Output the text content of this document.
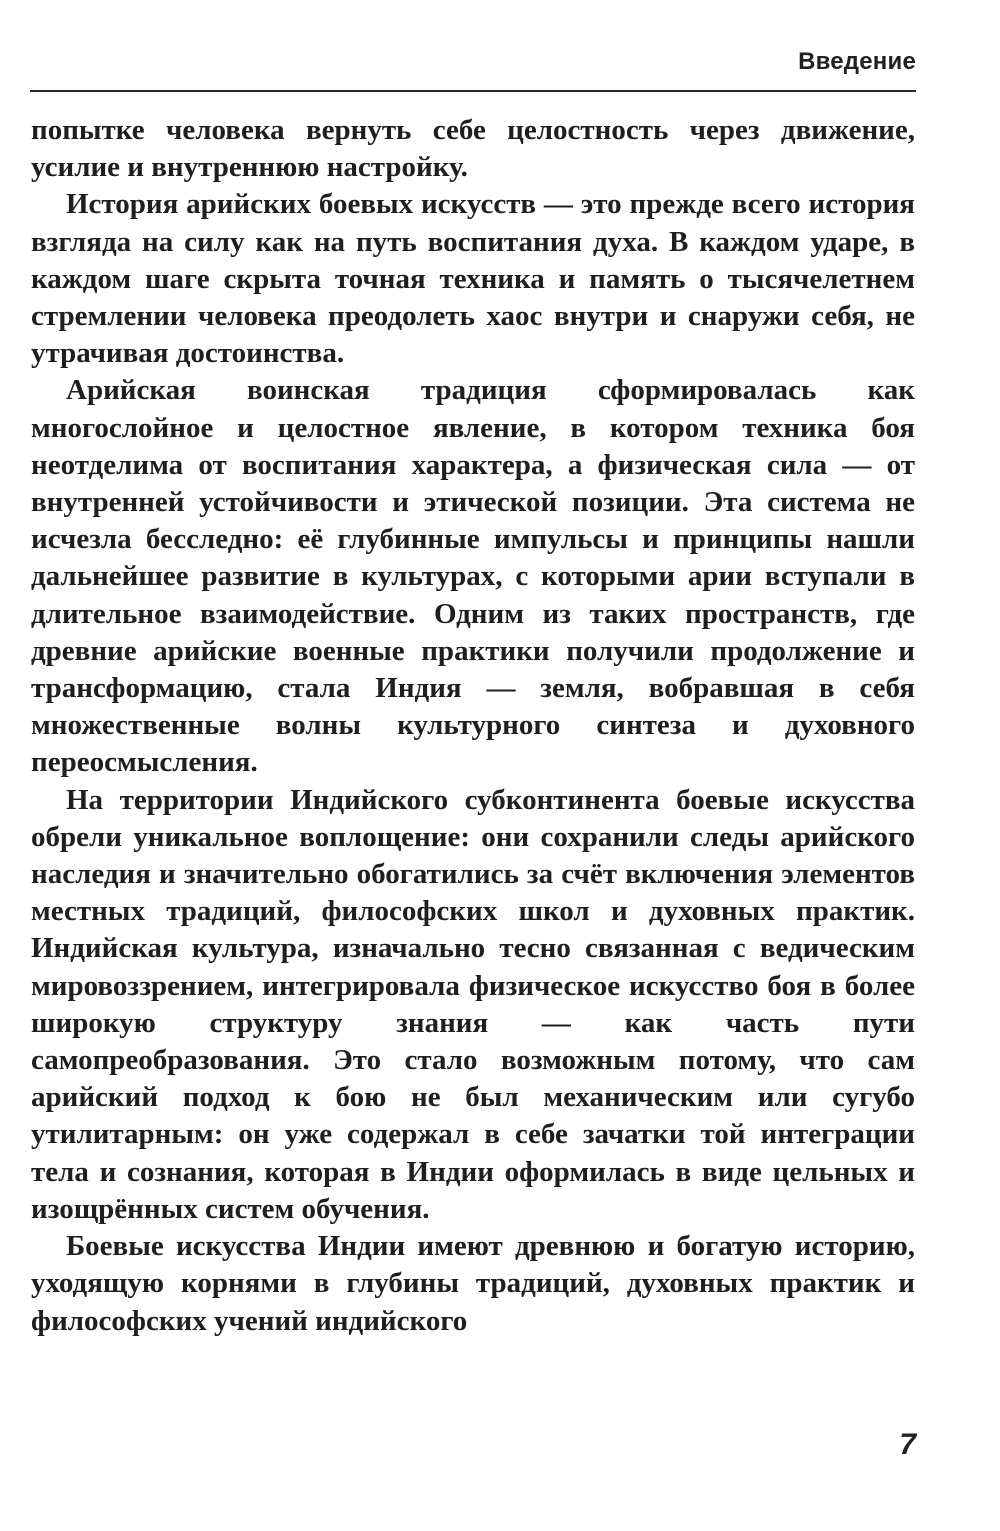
Введение

попытке человека вернуть себе целостность через движение, усилие и внутреннюю настройку.

История арийских боевых искусств — это прежде всего история взгляда на силу как на путь воспитания духа. В каждом ударе, в каждом шаге скрыта точная техника и память о тысячелетнем стремлении человека преодолеть хаос внутри и снаружи себя, не утрачивая достоинства.

Арийская воинская традиция сформировалась как многослойное и целостное явление, в котором техника боя неотделима от воспитания характера, а физическая сила — от внутренней устойчивости и этической позиции. Эта система не исчезла бесследно: её глубинные импульсы и принципы нашли дальнейшее развитие в культурах, с которыми арии вступали в длительное взаимодействие. Одним из таких пространств, где древние арийские военные практики получили продолжение и трансформацию, стала Индия — земля, вобравшая в себя множественные волны культурного синтеза и духовного переосмысления.

На территории Индийского субконтинента боевые искусства обрели уникальное воплощение: они сохранили следы арийского наследия и значительно обогатились за счёт включения элементов местных традиций, философских школ и духовных практик. Индийская культура, изначально тесно связанная с ведическим мировоззрением, интегрировала физическое искусство боя в более широкую структуру знания — как часть пути самопреобразования. Это стало возможным потому, что сам арийский подход к бою не был механическим или сугубо утилитарным: он уже содержал в себе зачатки той интеграции тела и сознания, которая в Индии оформилась в виде цельных и изощрённых систем обучения.

Боевые искусства Индии имеют древнюю и богатую историю, уходящую корнями в глубины традиций, духовных практик и философских учений индийского

7
